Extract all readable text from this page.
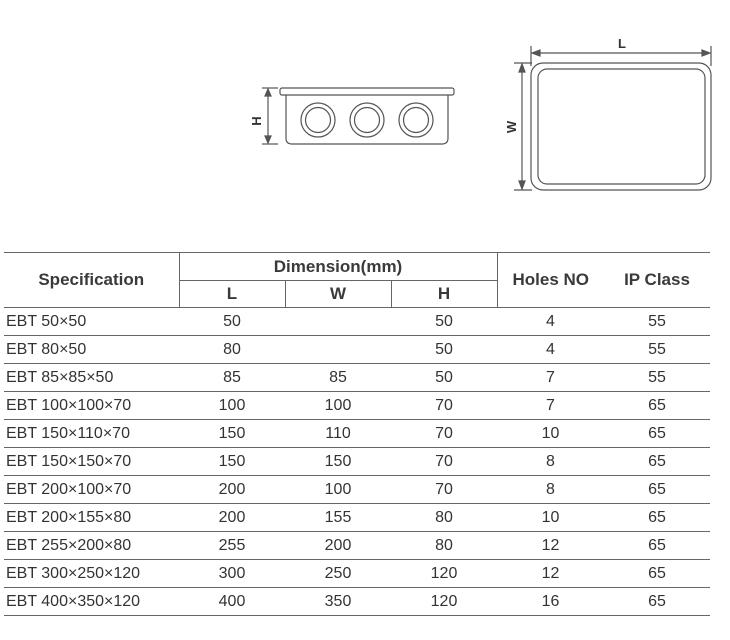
H
L
W
Specification	Dimension(mm)			Holes NO	IP Class
	L	W	H		
EBT 50×50	50		50	4	55
EBT 80×50	80		50	4	55
EBT 85×85×50	85	85	50	7	55
EBT 100×100×70	100	100	70	7	65
EBT 150×110×70	150	110	70	10	65
EBT 150×150×70	150	150	70	8	65
EBT 200×100×70	200	100	70	8	65
EBT 200×155×80	200	155	80	10	65
EBT 255×200×80	255	200	80	12	65
EBT 300×250×120	300	250	120	12	65
EBT 400×350×120	400	350	120	16	65
